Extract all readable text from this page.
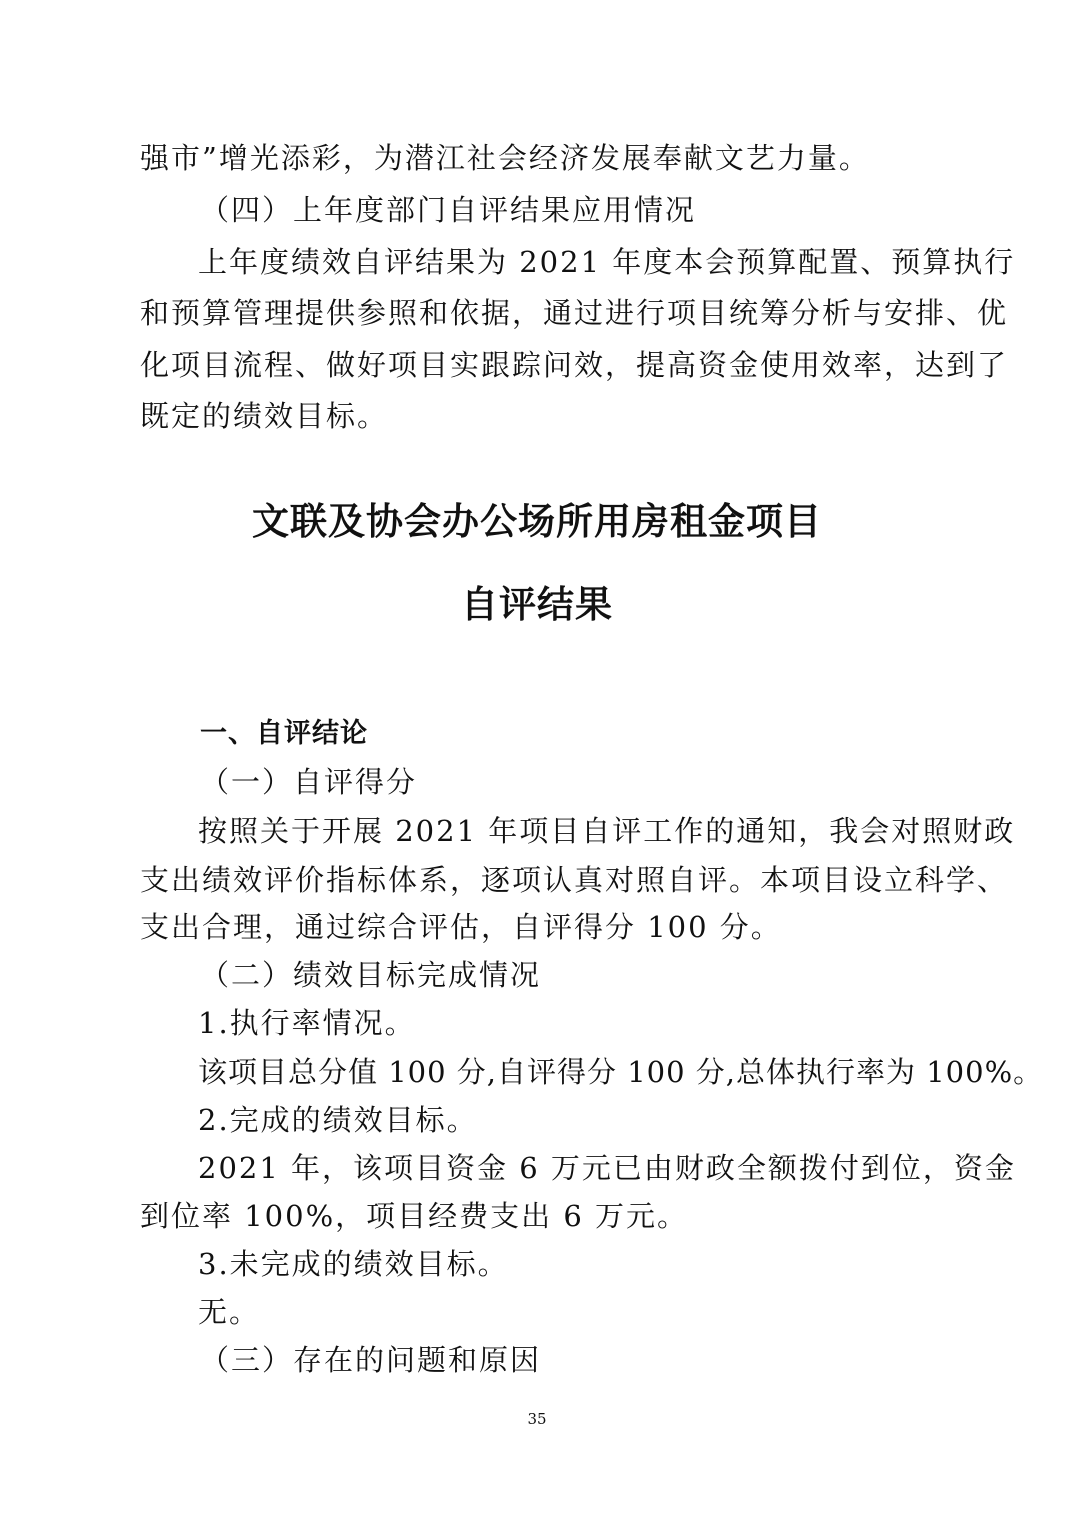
强市”增光添彩，为潜江社会经济发展奉献文艺力量。
（四）上年度部门自评结果应用情况
上年度绩效自评结果为 2021 年度本会预算配置、预算执行
和预算管理提供参照和依据，通过进行项目统筹分析与安排、优
化项目流程、做好项目实跟踪问效，提高资金使用效率，达到了
既定的绩效目标。
文联及协会办公场所用房租金项目
自评结果
一、自评结论
（一）自评得分
按照关于开展 2021 年项目自评工作的通知，我会对照财政
支出绩效评价指标体系，逐项认真对照自评。本项目设立科学、
支出合理，通过综合评估，自评得分 100 分。
（二）绩效目标完成情况
1.执行率情况。
该项目总分值 100 分,自评得分 100 分,总体执行率为 100%。
2.完成的绩效目标。
2021 年，该项目资金 6 万元已由财政全额拨付到位，资金
到位率 100%，项目经费支出 6 万元。
3.未完成的绩效目标。
无。
（三）存在的问题和原因
35
